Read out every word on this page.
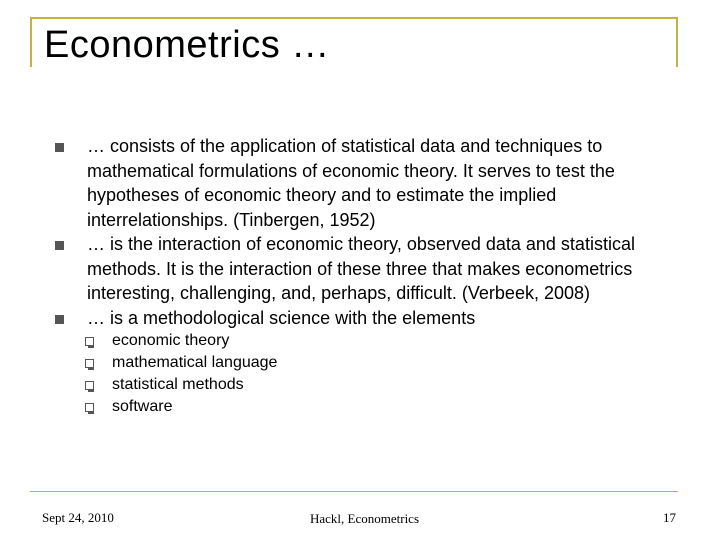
Econometrics …
… consists of the application of statistical data and techniques to mathematical formulations of economic theory. It serves to test the hypotheses of economic theory and to estimate the implied interrelationships. (Tinbergen, 1952)
… is the interaction of economic theory, observed data and statistical methods. It is the interaction of these three that makes econometrics interesting, challenging, and, perhaps, difficult. (Verbeek, 2008)
… is a methodological science with the elements
economic theory
mathematical language
statistical methods
software
Sept 24, 2010	Hackl, Econometrics	17
